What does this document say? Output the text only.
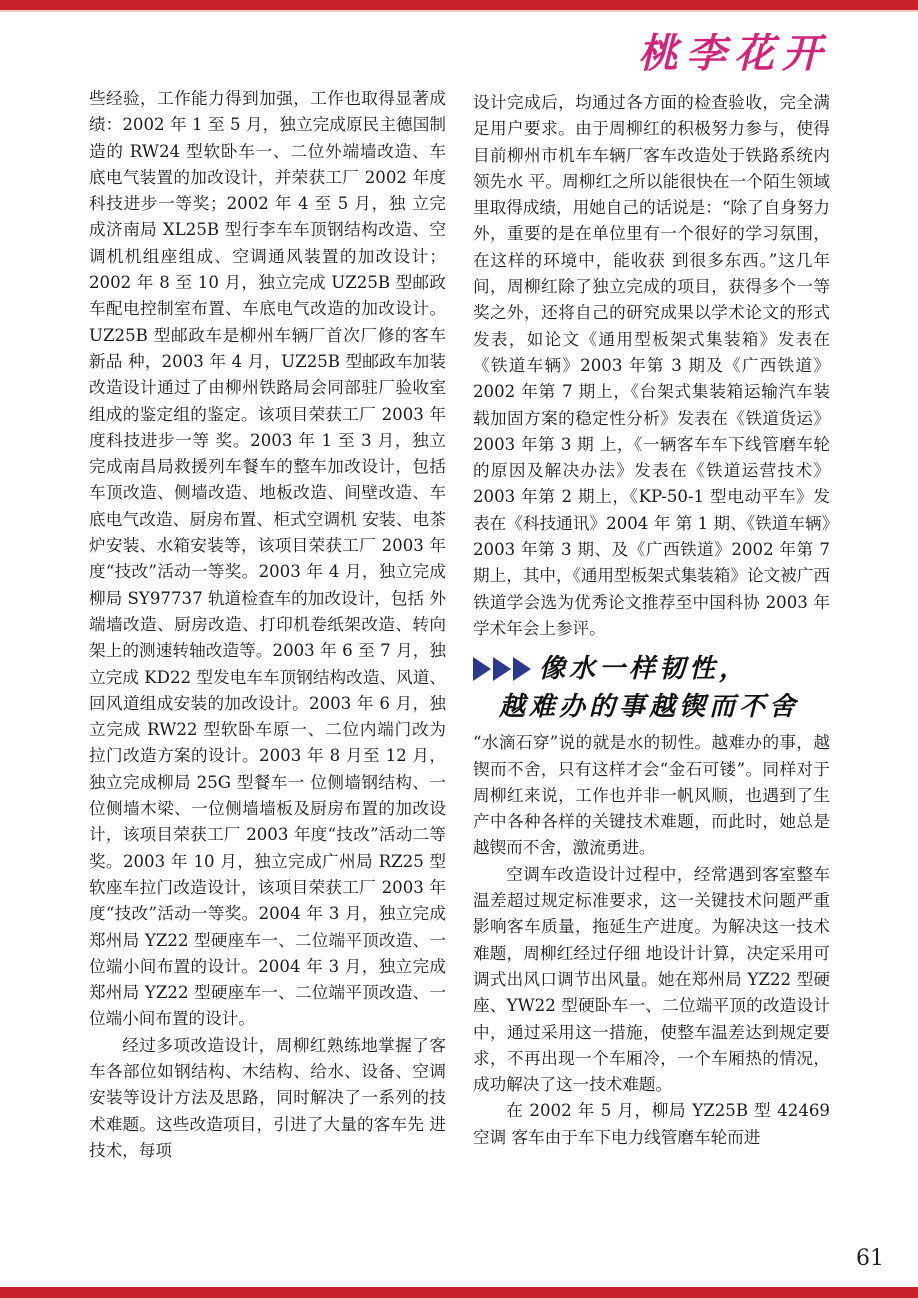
桃李花开

些经验，工作能力得到加强，工作也取得显著成绩：2002 年 1 至 5 月，独立完成原民主德国制造的 RW24 型软卧车一、二位外端墙改造、车底电气装置的加改设计，并荣获工厂 2002 年度科技进步一等奖；2002 年 4 至 5 月，独 立完成济南局 XL25B 型行李车车顶钢结构改造、空调机机组座组成、空调通风装置的加改设计；2002 年 8 至 10 月，独立完成 UZ25B 型邮政车配电控制室布置、车底电气改造的加改设计。UZ25B 型邮政车是柳州车辆厂首次厂修的客车新品 种，2003 年 4 月，UZ25B 型邮政车加装改造设计通过了由柳州铁路局会同部驻厂验收室组成的鉴定组的鉴定。该项目荣获工厂 2003 年度科技进步一等 奖。2003 年 1 至 3 月，独立完成南昌局救援列车餐车的整车加改设计，包括车顶改造、侧墙改造、地板改造、间壁改造、车底电气改造、厨房布置、柜式空调机 安装、电茶炉安装、水箱安装等，该项目荣获工厂 2003 年度“技改”活动一等奖。2003 年 4 月，独立完成柳局 SY97737 轨道检查车的加改设计，包括 外端墙改造、厨房改造、打印机卷纸架改造、转向架上的测速转轴改造等。2003 年 6 至 7 月，独立完成 KD22 型发电车车顶钢结构改造、风道、回风道组成安装的加改设计。2003 年 6 月，独立完成 RW22 型软卧车原一、二位内端门改为拉门改造方案的设计。2003 年 8 月至 12 月，独立完成柳局 25G 型餐车一 位侧墙钢结构、一位侧墙木梁、一位侧墙墙板及厨房布置的加改设计，该项目荣获工厂 2003 年度“技改”活动二等奖。2003 年 10 月，独立完成广州局 RZ25 型软座车拉门改造设计，该项目荣获工厂 2003 年度“技改”活动一等奖。2004 年 3 月，独立完成郑州局 YZ22 型硬座车一、二位端平顶改造、一 位端小间布置的设计。2004 年 3 月，独立完成郑州局 YZ22 型硬座车一、二位端平顶改造、一位端小间布置的设计。

经过多项改造设计，周柳红熟练地掌握了客车各部位如钢结构、木结构、给水、设备、空调安装等设计方法及思路，同时解决了一系列的技术难题。这些改造项目，引进了大量的客车先 进技术，每项

设计完成后，均通过各方面的检查验收，完全满足用户要求。由于周柳红的积极努力参与，使得目前柳州市机车车辆厂客车改造处于铁路系统内领先水 平。周柳红之所以能很快在一个陌生领域里取得成绩，用她自己的话说是：“除了自身努力外，重要的是在单位里有一个很好的学习氛围，在这样的环境中，能收获 到很多东西。”这几年间，周柳红除了独立完成的项目，获得多个一等奖之外，还将自己的研究成果以学术论文的形式发表，如论文《通用型板架式集装箱》发表在《铁道车辆》2003 年第 3 期及《广西铁道》2002 年第 7 期上，《台架式集装箱运输汽车装载加固方案的稳定性分析》发表在《铁道货运》2003 年第 3 期 上，《一辆客车车下线管磨车轮的原因及解决办法》发表在《铁道运营技术》2003 年第 2 期上，《KP-50-1 型电动平车》发表在《科技通讯》2004 年 第 1 期、《铁道车辆》2003 年第 3 期、及《广西铁道》2002 年第 7 期上，其中，《通用型板架式集装箱》论文被广西铁道学会选为优秀论文推荐至中国科协 2003 年学术年会上参评。

像水一样韧性，
越难办的事越锲而不舍

“水滴石穿”说的就是水的韧性。越难办的事，越锲而不舍，只有这样才会“金石可镂”。同样对于周柳红来说，工作也并非一帆风顺，也遇到了生产中各种各样的关键技术难题，而此时，她总是越锲而不舍，激流勇进。

空调车改造设计过程中，经常遇到客室整车温差超过规定标准要求，这一关键技术问题严重影响客车质量，拖延生产进度。为解决这一技术难题，周柳红经过仔细 地设计计算，决定采用可调式出风口调节出风量。她在郑州局 YZ22 型硬座、YW22 型硬卧车一、二位端平顶的改造设计中，通过采用这一措施，使整车温差达到规定要求，不再出现一个车厢冷，一个车厢热的情况，成功解决了这一技术难题。

在 2002 年 5 月，柳局 YZ25B 型 42469 空调 客车由于车下电力线管磨车轮而进

61
